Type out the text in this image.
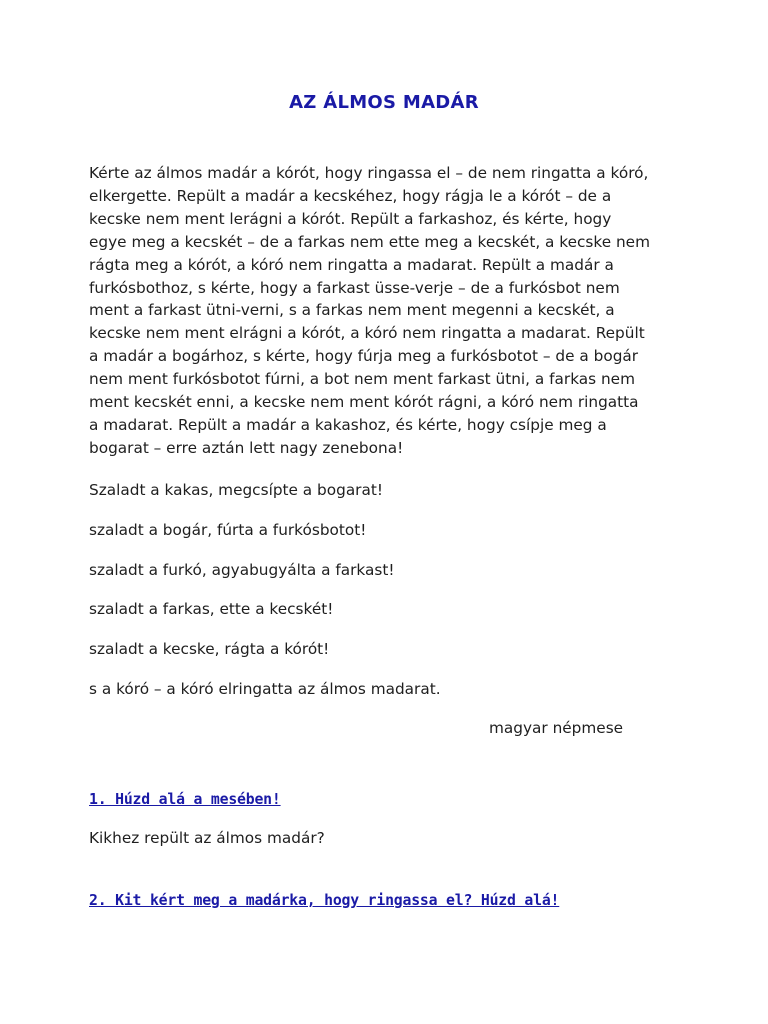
AZ ÁLMOS MADÁR

Kérte az álmos madár a kórót, hogy ringassa el – de nem ringatta a kóró,

elkergette. Repült a madár a kecskéhez, hogy rágja le a kórót – de a

kecske nem ment lerágni a kórót. Repült a farkashoz, és kérte, hogy

egye meg a kecskét – de a farkas nem ette meg a kecskét, a kecske nem

rágta meg a kórót, a kóró nem ringatta a madarat. Repült a madár a

furkósbothoz, s kérte, hogy a farkast üsse-verje – de a furkósbot nem

ment a farkast ütni-verni, s a farkas nem ment megenni a kecskét, a

kecske nem ment elrágni a kórót, a kóró nem ringatta a madarat. Repült

a madár a bogárhoz, s kérte, hogy fúrja meg a furkósbotot – de a bogár

nem ment furkósbotot fúrni, a bot nem ment farkast ütni, a farkas nem

ment kecskét enni, a kecske nem ment kórót rágni, a kóró nem ringatta

a madarat. Repült a madár a kakashoz, és kérte, hogy csípje meg a

bogarat – erre aztán lett nagy zenebona!

Szaladt a kakas, megcsípte a bogarat!

szaladt a bogár, fúrta a furkósbotot!

szaladt a furkó, agyabugyálta a farkast!

szaladt a farkas, ette a kecskét!

szaladt a kecske, rágta a kórót!

s a kóró – a kóró elringatta az álmos madarat.

magyar népmese
1. Húzd alá a mesében!
Kikhez repült az álmos madár?
2. Kit kért meg a madárka, hogy ringassa el? Húzd alá!
